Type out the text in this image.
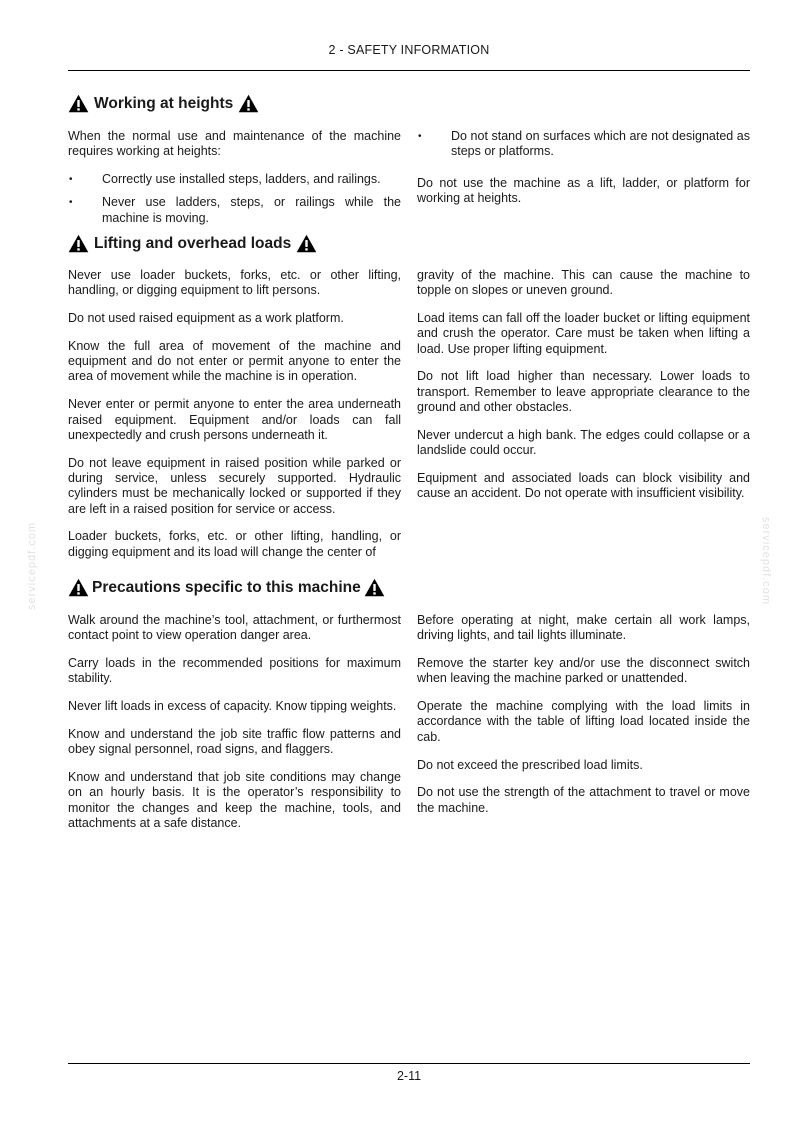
2 - SAFETY INFORMATION
Working at heights

When the normal use and maintenance of the machine requires working at heights:

• Correctly use installed steps, ladders, and railings.
• Never use ladders, steps, or railings while the machine is moving.
• Do not stand on surfaces which are not designated as steps or platforms.

Do not use the machine as a lift, ladder, or platform for working at heights.

Lifting and overhead loads

Never use loader buckets, forks, etc. or other lifting, handling, or digging equipment to lift persons.

Do not used raised equipment as a work platform.

Know the full area of movement of the machine and equipment and do not enter or permit anyone to enter the area of movement while the machine is in operation.

Never enter or permit anyone to enter the area underneath raised equipment. Equipment and/or loads can fall unexpectedly and crush persons underneath it.

Do not leave equipment in raised position while parked or during service, unless securely supported. Hydraulic cylinders must be mechanically locked or supported if they are left in a raised position for service or access.

Loader buckets, forks, etc. or other lifting, handling, or digging equipment and its load will change the center of

gravity of the machine. This can cause the machine to topple on slopes or uneven ground.

Load items can fall off the loader bucket or lifting equipment and crush the operator. Care must be taken when lifting a load. Use proper lifting equipment.

Do not lift load higher than necessary. Lower loads to transport. Remember to leave appropriate clearance to the ground and other obstacles.

Never undercut a high bank. The edges could collapse or a landslide could occur.

Equipment and associated loads can block visibility and cause an accident. Do not operate with insufficient visibility.

Precautions specific to this machine

Walk around the machine’s tool, attachment, or furthermost contact point to view operation danger area.

Carry loads in the recommended positions for maximum stability.

Never lift loads in excess of capacity. Know tipping weights.

Know and understand the job site traffic flow patterns and obey signal personnel, road signs, and flaggers.

Know and understand that job site conditions may change on an hourly basis. It is the operator’s responsibility to monitor the changes and keep the machine, tools, and attachments at a safe distance.

Before operating at night, make certain all work lamps, driving lights, and tail lights illuminate.

Remove the starter key and/or use the disconnect switch when leaving the machine parked or unattended.

Operate the machine complying with the load limits in accordance with the table of lifting load located inside the cab.

Do not exceed the prescribed load limits.

Do not use the strength of the attachment to travel or move the machine.

servicepdf.com	servicepdf.com
2-11
